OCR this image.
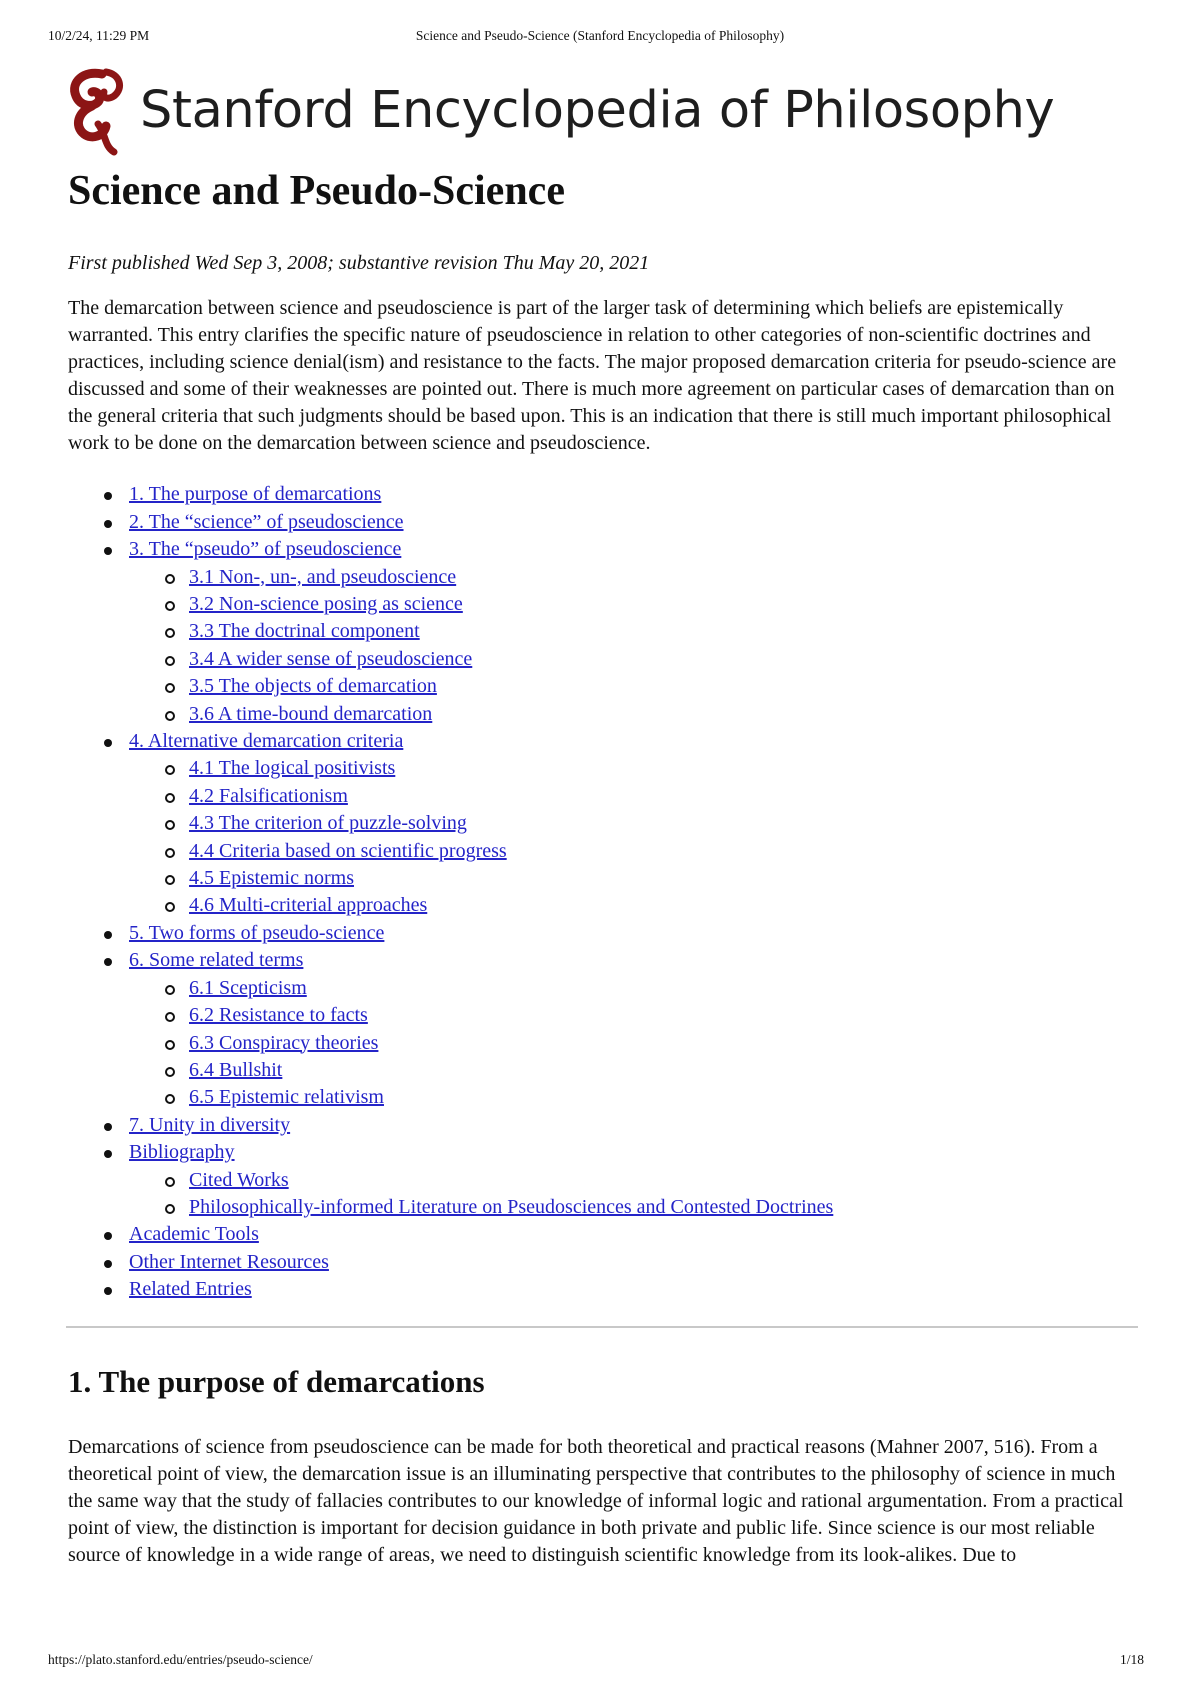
10/2/24, 11:29 PM	Science and Pseudo-Science (Stanford Encyclopedia of Philosophy)
Stanford Encyclopedia of Philosophy
Science and Pseudo-Science
First published Wed Sep 3, 2008; substantive revision Thu May 20, 2021
The demarcation between science and pseudoscience is part of the larger task of determining which beliefs are epistemically warranted. This entry clarifies the specific nature of pseudoscience in relation to other categories of non-scientific doctrines and practices, including science denial(ism) and resistance to the facts. The major proposed demarcation criteria for pseudo-science are discussed and some of their weaknesses are pointed out. There is much more agreement on particular cases of demarcation than on the general criteria that such judgments should be based upon. This is an indication that there is still much important philosophical work to be done on the demarcation between science and pseudoscience.
1. The purpose of demarcations
2. The “science” of pseudoscience
3. The “pseudo” of pseudoscience
3.1 Non-, un-, and pseudoscience
3.2 Non-science posing as science
3.3 The doctrinal component
3.4 A wider sense of pseudoscience
3.5 The objects of demarcation
3.6 A time-bound demarcation
4. Alternative demarcation criteria
4.1 The logical positivists
4.2 Falsificationism
4.3 The criterion of puzzle-solving
4.4 Criteria based on scientific progress
4.5 Epistemic norms
4.6 Multi-criterial approaches
5. Two forms of pseudo-science
6. Some related terms
6.1 Scepticism
6.2 Resistance to facts
6.3 Conspiracy theories
6.4 Bullshit
6.5 Epistemic relativism
7. Unity in diversity
Bibliography
Cited Works
Philosophically-informed Literature on Pseudosciences and Contested Doctrines
Academic Tools
Other Internet Resources
Related Entries
1. The purpose of demarcations
Demarcations of science from pseudoscience can be made for both theoretical and practical reasons (Mahner 2007, 516). From a theoretical point of view, the demarcation issue is an illuminating perspective that contributes to the philosophy of science in much the same way that the study of fallacies contributes to our knowledge of informal logic and rational argumentation. From a practical point of view, the distinction is important for decision guidance in both private and public life. Since science is our most reliable source of knowledge in a wide range of areas, we need to distinguish scientific knowledge from its look-alikes. Due to
https://plato.stanford.edu/entries/pseudo-science/	1/18
